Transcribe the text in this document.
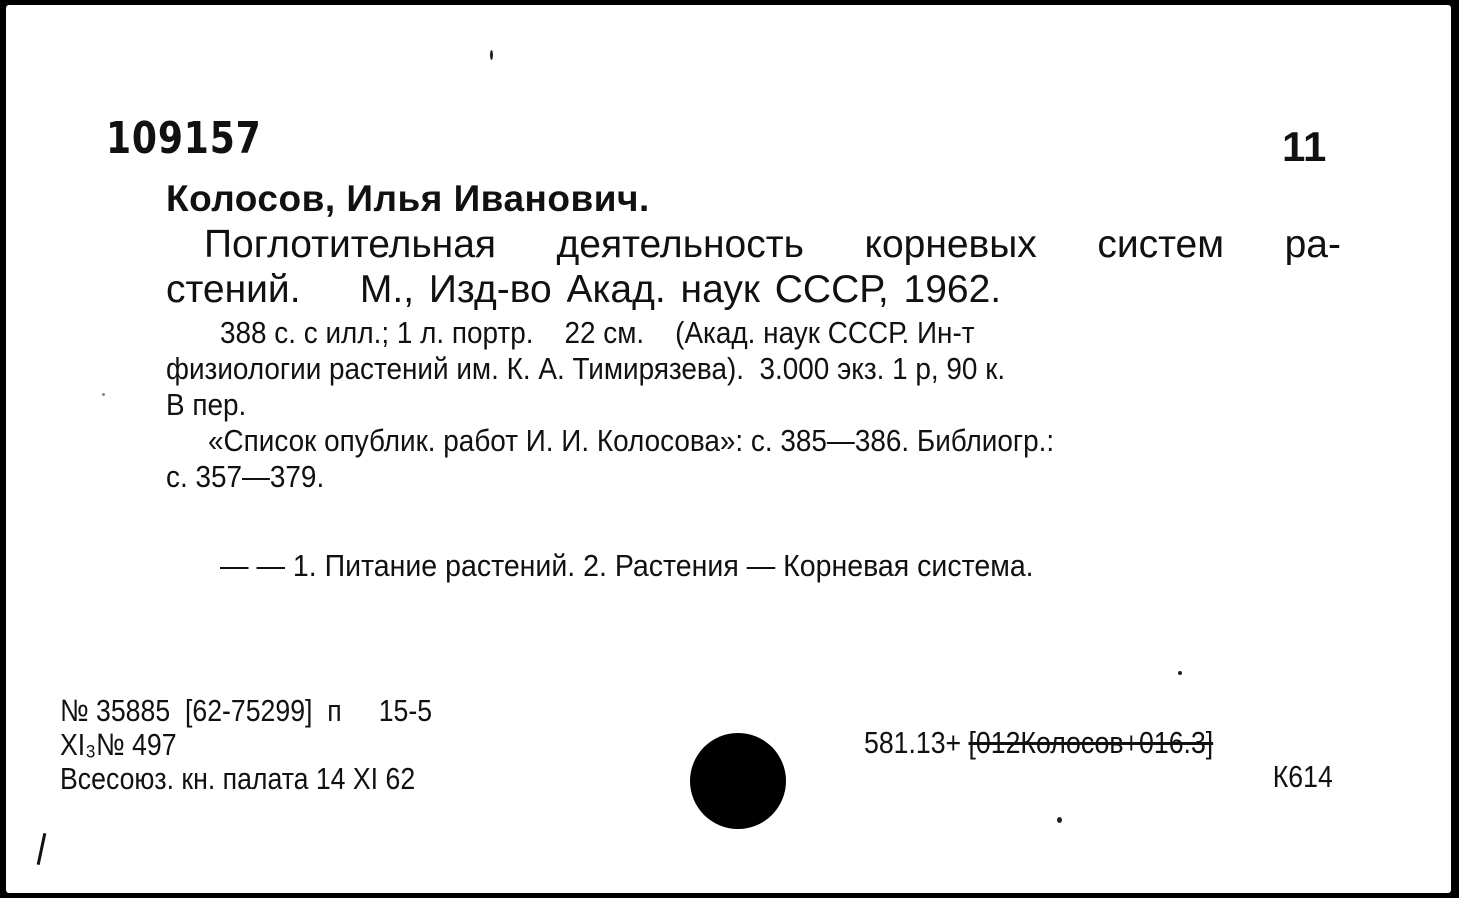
109157	11
Колосов, Илья Иванович.
Поглотительная деятельность корневых систем ра-
стений.    М., Изд-во Акад. наук СССР, 1962.
388 с. с илл.; 1 л. портр.    22 см.    (Акад. наук СССР. Ин-т
физиологии растений им. К. А. Тимирязева).  3.000 экз. 1 р, 90 к.
В пер.
«Список опублик. работ И. И. Колосова»: с. 385—386. Библиогр.:
с. 357—379.
— — 1. Питание растений. 2. Растения — Корневая система.
№ 35885  [62-75299]  п     15-5
XI₃№ 497
Всесоюз. кн. палата 14 XI 62
581.13+ [012Колосов+016.3]
К614
